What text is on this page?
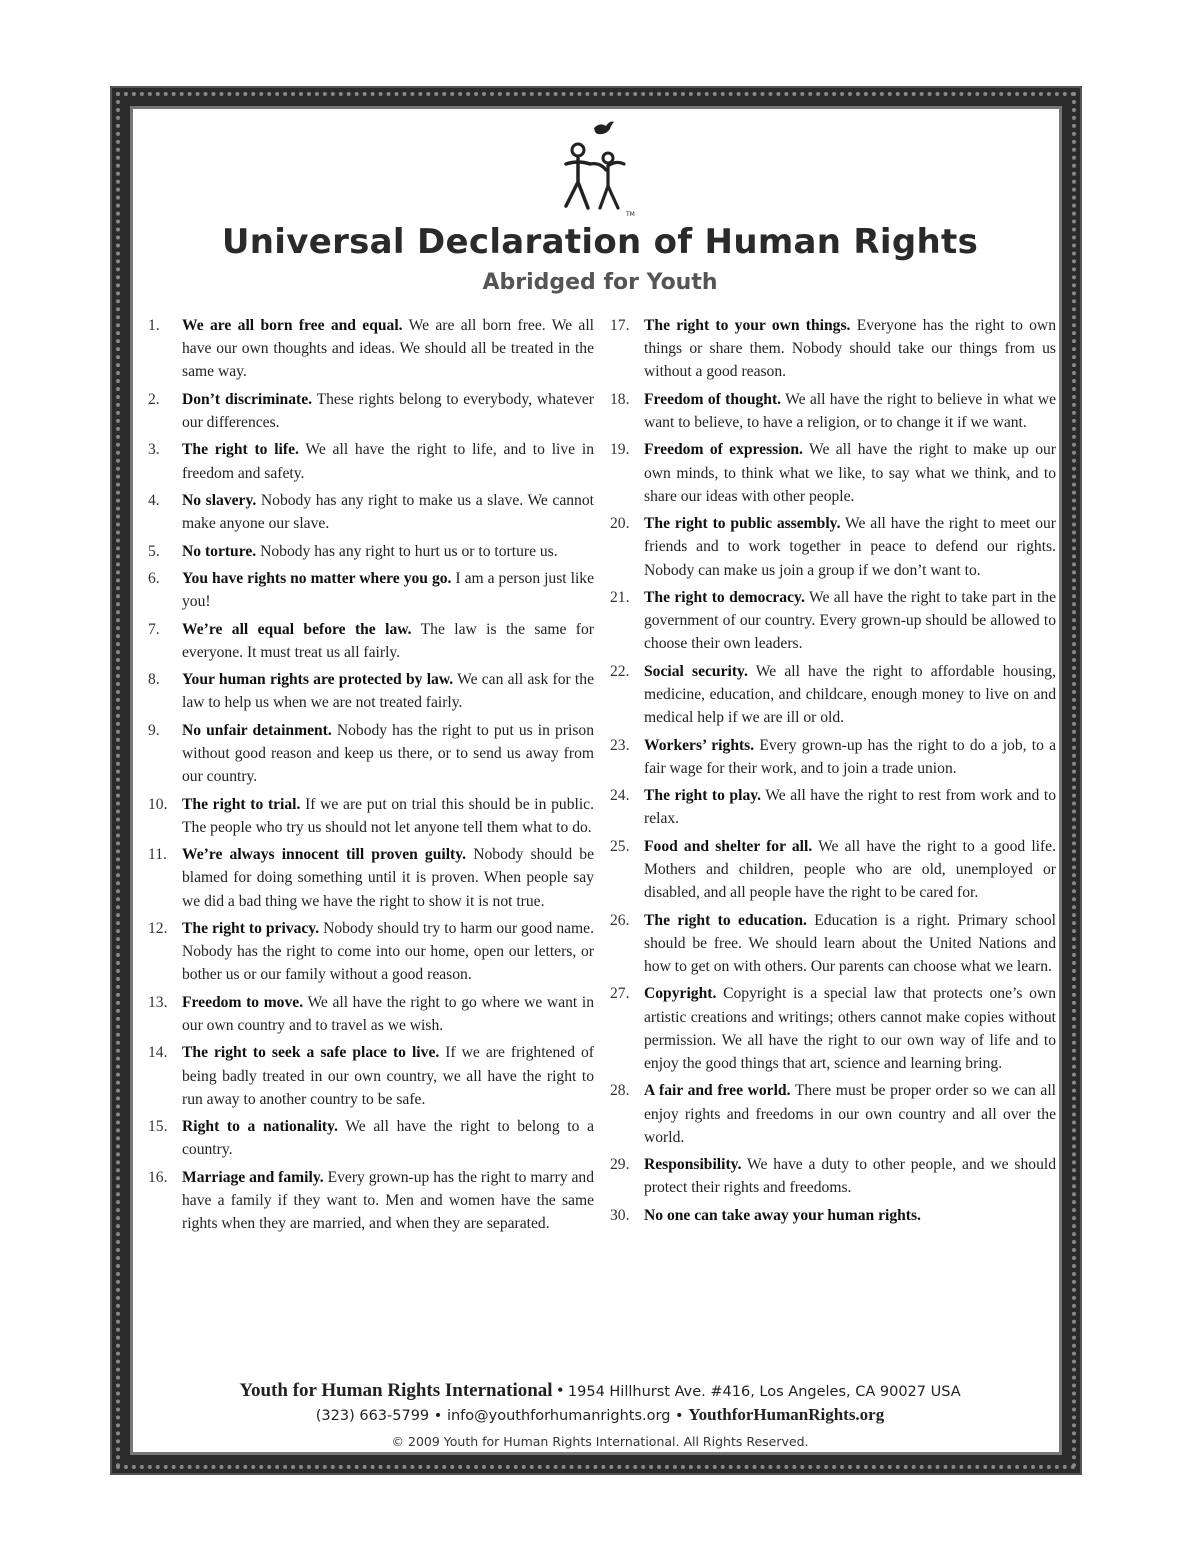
TM
Universal Declaration of Human Rights
Abridged for Youth
1.	We are all born free and equal. We are all born free. We all have our own thoughts and ideas. We should all be treated in the same way.
2.	Don’t discriminate. These rights belong to everybody, whatever our differences.
3.	The right to life. We all have the right to life, and to live in freedom and safety.
4.	No slavery. Nobody has any right to make us a slave. We cannot make anyone our slave.
5.	No torture. Nobody has any right to hurt us or to torture us.
6.	You have rights no matter where you go. I am a person just like you!
7.	We’re all equal before the law. The law is the same for everyone. It must treat us all fairly.
8.	Your human rights are protected by law. We can all ask for the law to help us when we are not treated fairly.
9.	No unfair detainment. Nobody has the right to put us in prison without good reason and keep us there, or to send us away from our country.
10. The right to trial. If we are put on trial this should be in public. The people who try us should not let anyone tell them what to do.
11. We’re always innocent till proven guilty. Nobody should be blamed for doing something until it is proven. When people say we did a bad thing we have the right to show it is not true.
12. The right to privacy. Nobody should try to harm our good name. Nobody has the right to come into our home, open our letters, or bother us or our family without a good reason.
13. Freedom to move. We all have the right to go where we want in our own country and to travel as we wish.
14. The right to seek a safe place to live. If we are frightened of being badly treated in our own country, we all have the right to run away to another country to be safe.
15. Right to a nationality. We all have the right to belong to a country.
16. Marriage and family. Every grown-up has the right to marry and have a family if they want to. Men and women have the same rights when they are married, and when they are separated.
17. The right to your own things. Everyone has the right to own things or share them. Nobody should take our things from us without a good reason.
18. Freedom of thought. We all have the right to believe in what we want to believe, to have a religion, or to change it if we want.
19. Freedom of expression. We all have the right to make up our own minds, to think what we like, to say what we think, and to share our ideas with other people.
20. The right to public assembly. We all have the right to meet our friends and to work together in peace to defend our rights. Nobody can make us join a group if we don’t want to.
21. The right to democracy. We all have the right to take part in the government of our country. Every grown-up should be allowed to choose their own leaders.
22. Social security. We all have the right to affordable housing, medicine, education, and childcare, enough money to live on and medical help if we are ill or old.
23. Workers’ rights. Every grown-up has the right to do a job, to a fair wage for their work, and to join a trade union.
24. The right to play. We all have the right to rest from work and to relax.
25. Food and shelter for all. We all have the right to a good life. Mothers and children, people who are old, unemployed or disabled, and all people have the right to be cared for.
26. The right to education. Education is a right. Primary school should be free. We should learn about the United Nations and how to get on with others. Our parents can choose what we learn.
27. Copyright. Copyright is a special law that protects one’s own artistic creations and writings; others cannot make copies without permission. We all have the right to our own way of life and to enjoy the good things that art, science and learning bring.
28. A fair and free world. There must be proper order so we can all enjoy rights and freedoms in our own country and all over the world.
29. Responsibility. We have a duty to other people, and we should protect their rights and freedoms.
30. No one can take away your human rights.

Youth for Human Rights International • 1954 Hillhurst Ave. #416, Los Angeles, CA 90027 USA

(323) 663-5799 • info@youthforhumanrights.org • YouthforHumanRights.org

© 2009 Youth for Human Rights International. All Rights Reserved.
